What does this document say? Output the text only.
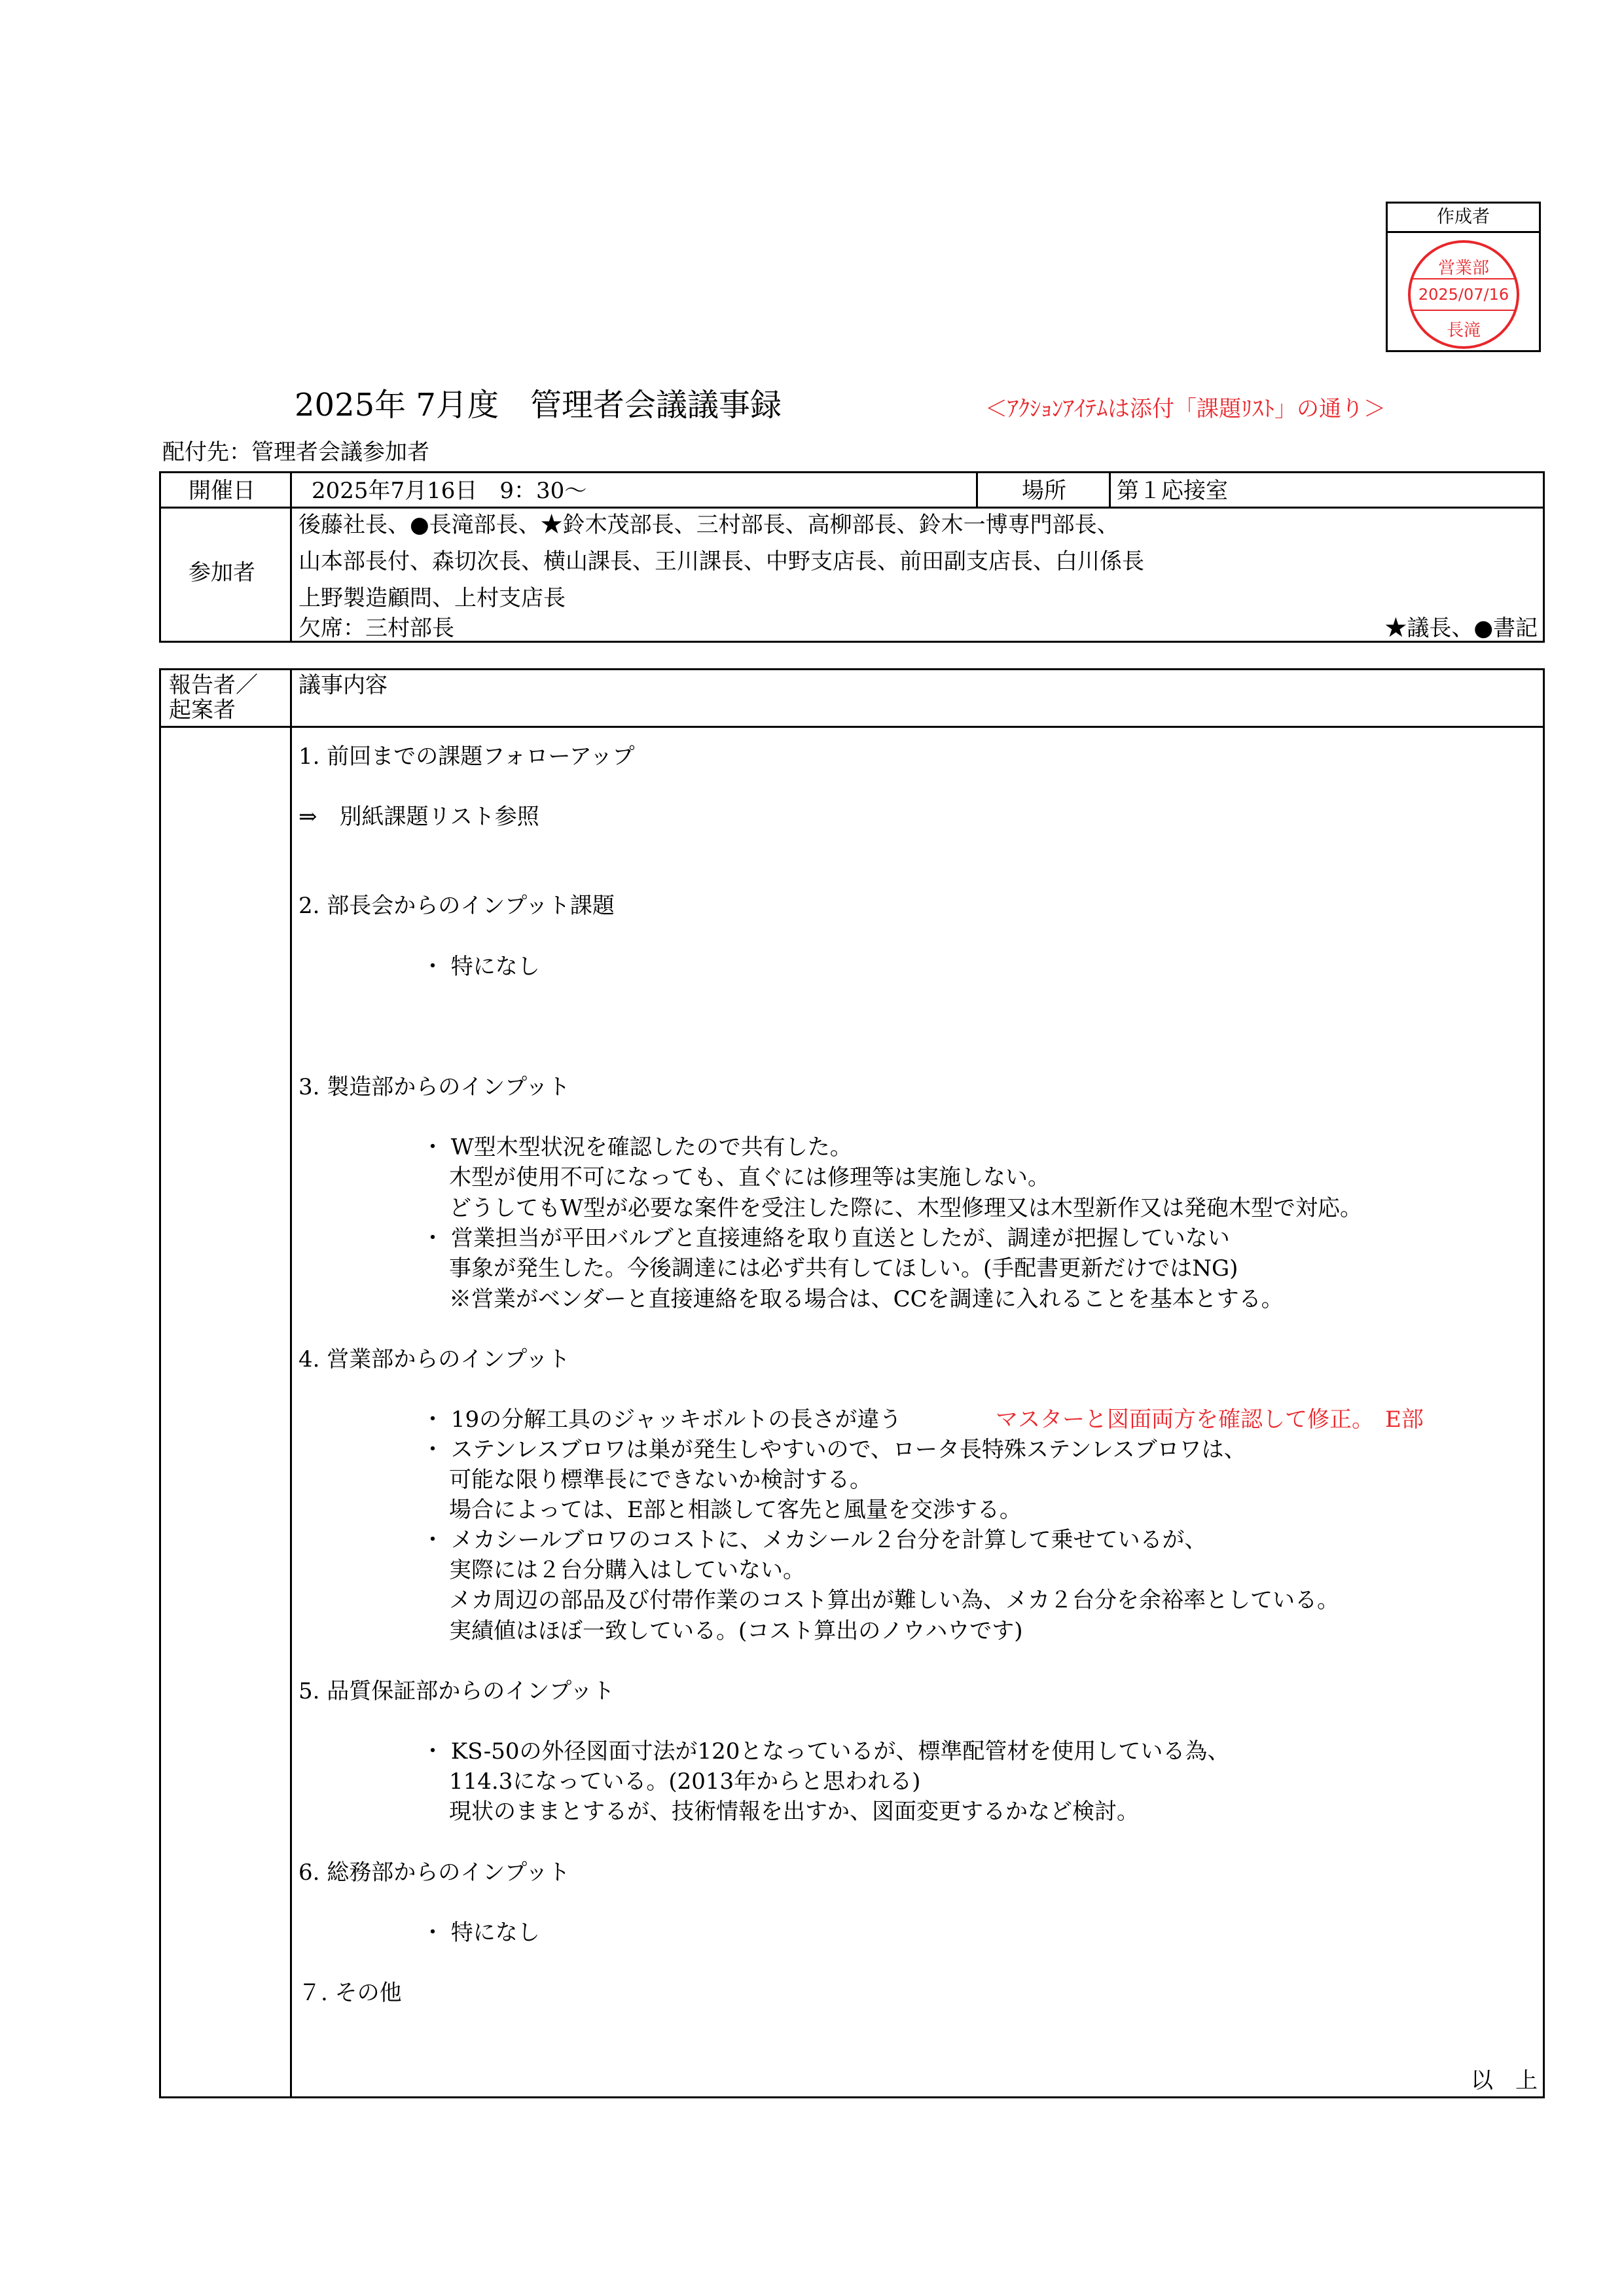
作成者
営業部
2025/07/16
長滝
2025年 7月度　管理者会議議事録	＜ｱｸｼｮﾝｱｲﾃﾑは添付「課題ﾘｽﾄ」の通り＞
配付先：管理者会議参加者
開催日	2025年7月16日　9：30～	場所 第１応接室
参加者
後藤社長、●長滝部長、★鈴木茂部長、三村部長、高柳部長、鈴木一博専門部長、
山本部長付、森切次長、横山課長、王川課長、中野支店長、前田副支店長、白川係長
上野製造顧問、上村支店長
欠席：三村部長	★議長、●書記
報告者／
起案者
議事内容
1. 前回までの課題フォローアップ
⇒　別紙課題リスト参照
2. 部長会からのインプット課題
・ 特になし
3. 製造部からのインプット
・ W型木型状況を確認したので共有した。
木型が使用不可になっても、直ぐには修理等は実施しない。
どうしてもW型が必要な案件を受注した際に、木型修理又は木型新作又は発砲木型で対応。
・ 営業担当が平田バルブと直接連絡を取り直送としたが、調達が把握していない
事象が発生した。今後調達には必ず共有してほしい。(手配書更新だけではNG)
※営業がベンダーと直接連絡を取る場合は、CCを調達に入れることを基本とする。
4. 営業部からのインプット
・ 19の分解工具のジャッキボルトの長さが違う	マスターと図面両方を確認して修正。　E部
・ ステンレスブロワは巣が発生しやすいので、ロータ長特殊ステンレスブロワは、
可能な限り標準長にできないか検討する。
場合によっては、E部と相談して客先と風量を交渉する。
・ メカシールブロワのコストに、メカシール２台分を計算して乗せているが、
実際には２台分購入はしていない。
メカ周辺の部品及び付帯作業のコスト算出が難しい為、メカ２台分を余裕率としている。
実績値はほぼ一致している。(コスト算出のノウハウです)
5. 品質保証部からのインプット
・ KS-50の外径図面寸法が120となっているが、標準配管材を使用している為、
114.3になっている。(2013年からと思われる)
現状のままとするが、技術情報を出すか、図面変更するかなど検討。
6. 総務部からのインプット
・ 特になし
７. その他
以　上
